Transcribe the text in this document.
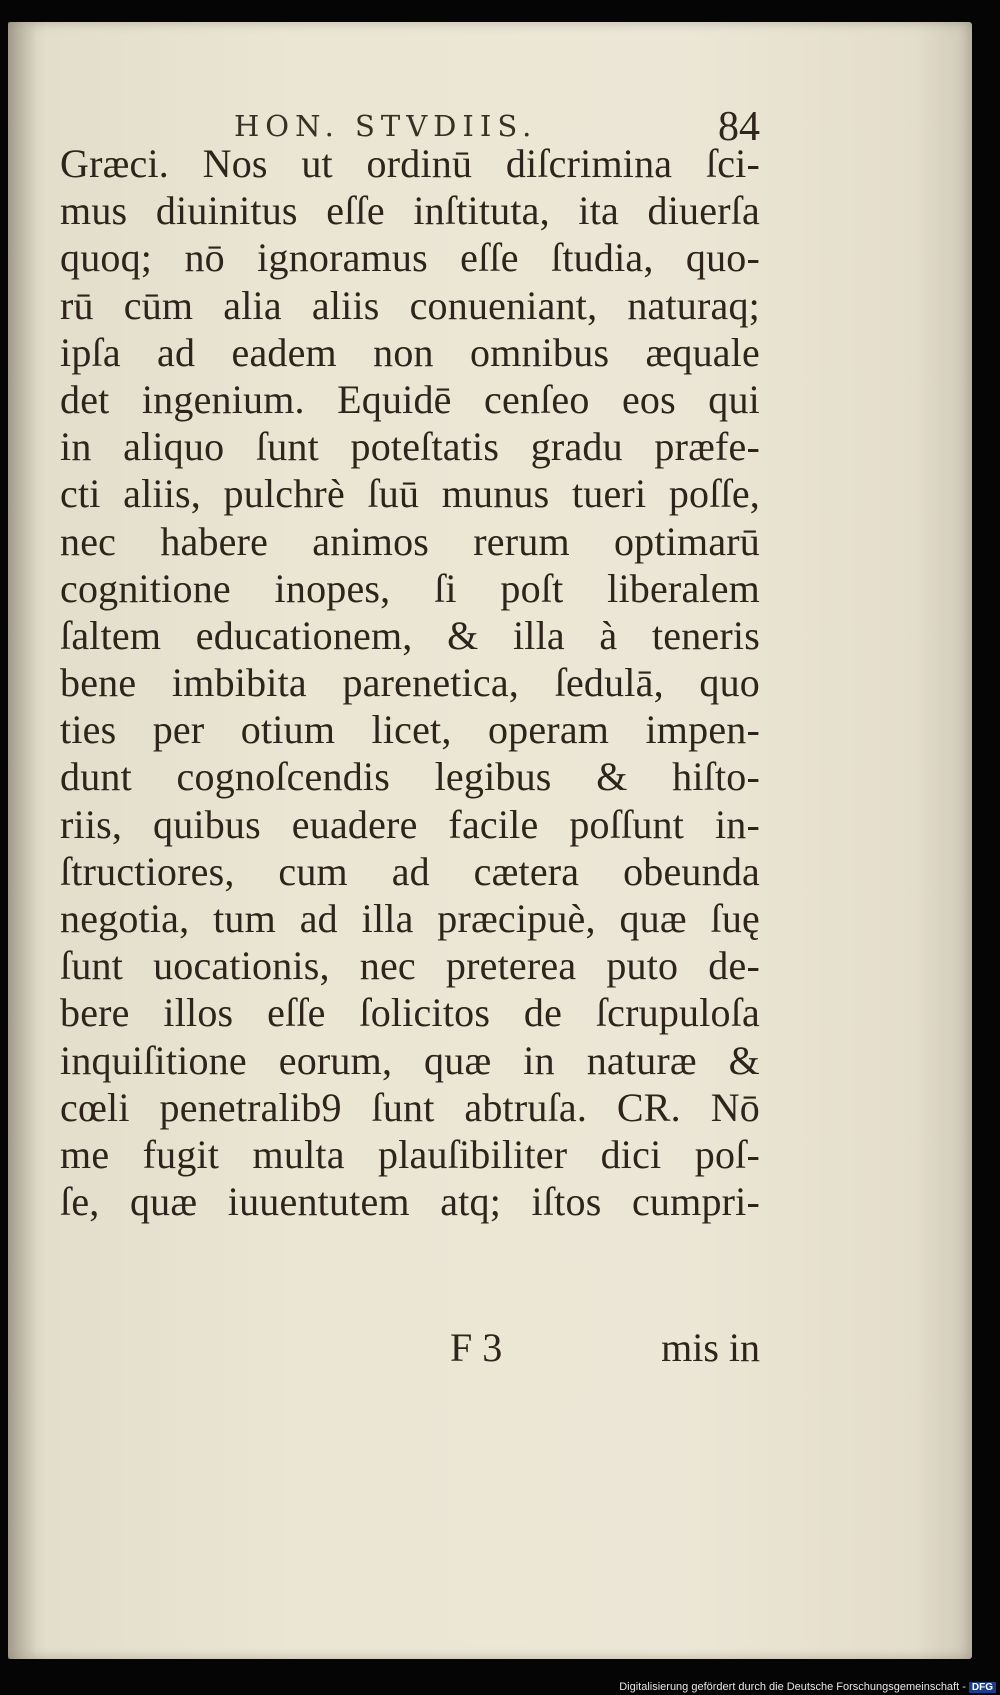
HON. STVDIIS.	84
Græci. Nos ut ordinū diſcrimina ſci-
mus diuinitus eſſe inſtituta, ita diuerſa
quoq; nō ignoramus eſſe ſtudia, quo-
rū cūm alia aliis conueniant, naturaq;
ipſa ad eadem non omnibus æquale
det ingenium. Equidē cenſeo eos qui
in aliquo ſunt poteſtatis gradu præfe-
cti aliis, pulchrè ſuū munus tueri poſſe,
nec habere animos rerum optimarū
cognitione inopes, ſi poſt liberalem
ſaltem educationem, & illa à teneris
bene imbibita parenetica, ſedulā, quo
ties per otium licet, operam impen-
dunt cognoſcendis legibus & hiſto-
riis, quibus euadere facile poſſunt in-
ſtructiores, cum ad cætera obeunda
negotia, tum ad illa præcipuè, quæ ſuę
ſunt uocationis, nec preterea puto de-
bere illos eſſe ſolicitos de ſcrupuloſa
inquiſitione eorum, quæ in naturæ &
cœli penetralib9 ſunt abtruſa. CR. Nō
me fugit multa plauſibiliter dici poſ-
ſe, quæ iuuentutem atq; iſtos cumpri-
F 3	mis in
Digitalisierung gefördert durch die Deutsche Forschungsgemeinschaft - DFG
